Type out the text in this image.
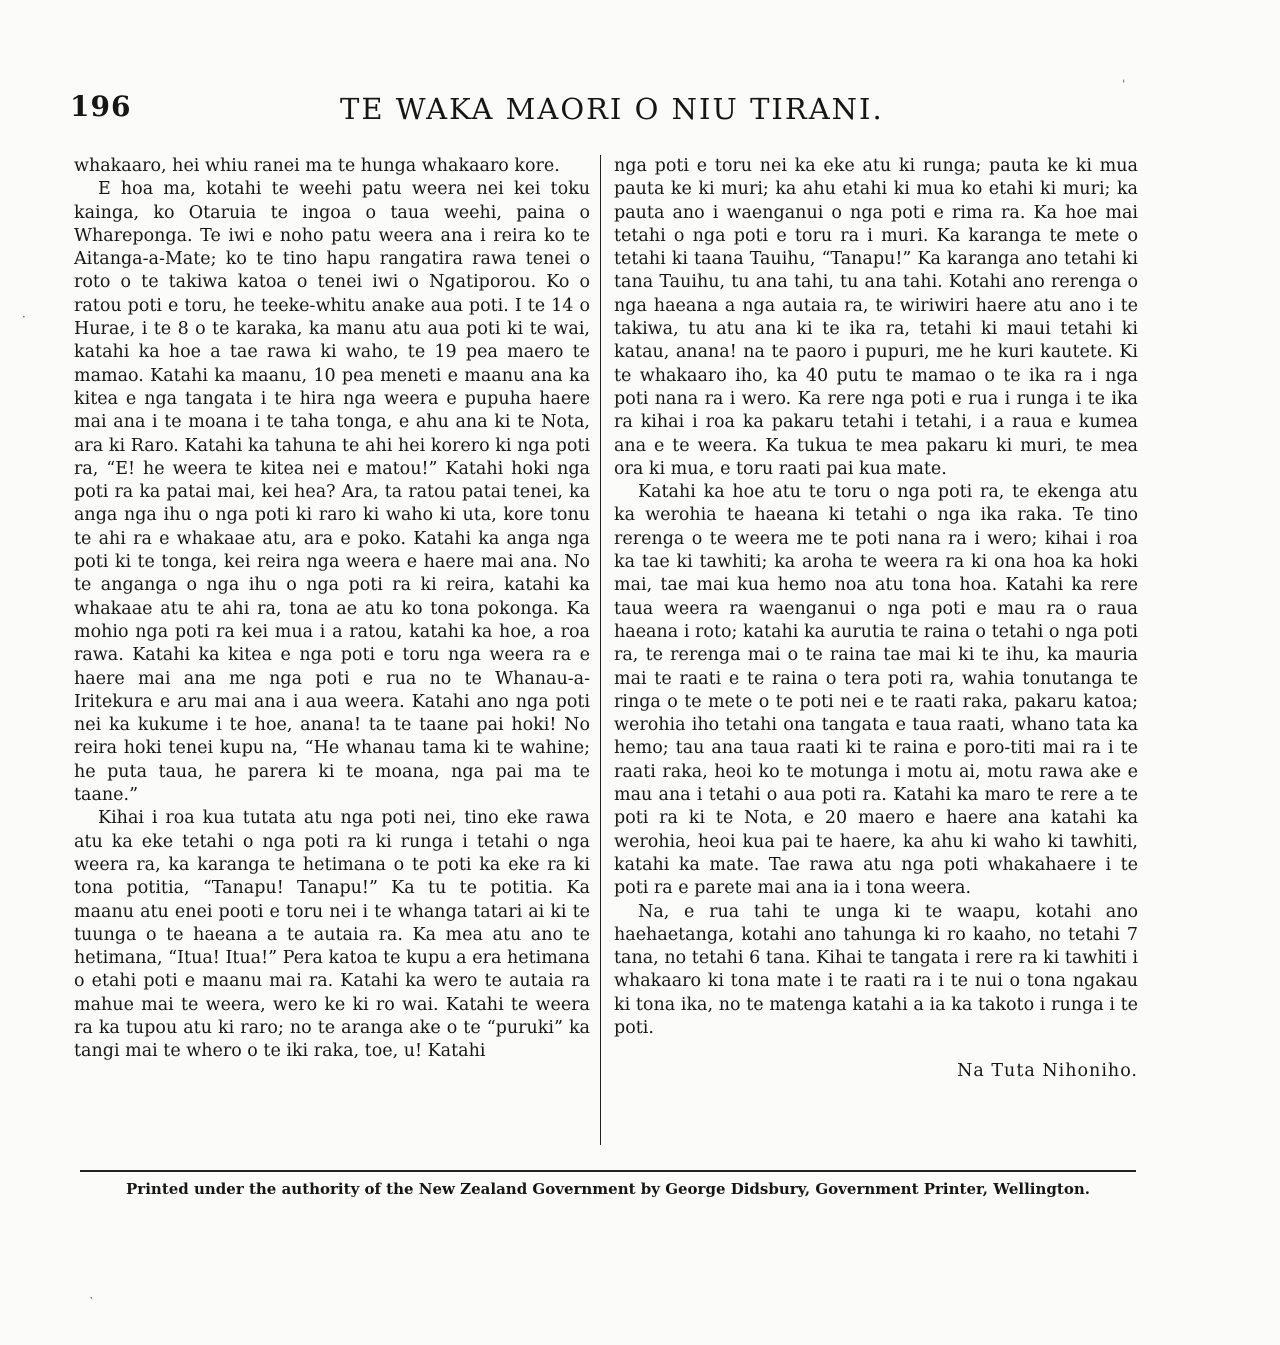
196	TE WAKA MAORI O NIU TIRANI.

whakaaro, hei whiu ranei ma te hunga whakaaro kore.

E hoa ma, kotahi te weehi patu weera nei kei toku kainga, ko Otaruia te ingoa o taua weehi, paina o Whareponga. Te iwi e noho patu weera ana i reira ko te Aitanga-a-Mate; ko te tino hapu rangatira rawa tenei o roto o te takiwa katoa o tenei iwi o Ngatiporou. Ko o ratou poti e toru, he teeke-whitu anake aua poti. I te 14 o Hurae, i te 8 o te karaka, ka manu atu aua poti ki te wai, katahi ka hoe a tae rawa ki waho, te 19 pea maero te mamao. Katahi ka maanu, 10 pea meneti e maanu ana ka kitea e nga tangata i te hira nga weera e pupuha haere mai ana i te moana i te taha tonga, e ahu ana ki te Nota, ara ki Raro. Katahi ka tahuna te ahi hei korero ki nga poti ra, “E! he weera te kitea nei e matou!” Katahi hoki nga poti ra ka patai mai, kei hea? Ara, ta ratou patai tenei, ka anga nga ihu o nga poti ki raro ki waho ki uta, kore tonu te ahi ra e whakaae atu, ara e poko. Katahi ka anga nga poti ki te tonga, kei reira nga weera e haere mai ana. No te anganga o nga ihu o nga poti ra ki reira, katahi ka whakaae atu te ahi ra, tona ae atu ko tona pokonga. Ka mohio nga poti ra kei mua i a ratou, katahi ka hoe, a roa rawa. Katahi ka kitea e nga poti e toru nga weera ra e haere mai ana me nga poti e rua no te Whanau-a-Iritekura e aru mai ana i aua weera. Katahi ano nga poti nei ka kukume i te hoe, anana! ta te taane pai hoki! No reira hoki tenei kupu na, “He whanau tama ki te wahine; he puta taua, he parera ki te moana, nga pai ma te taane.”

Kihai i roa kua tutata atu nga poti nei, tino eke rawa atu ka eke tetahi o nga poti ra ki runga i tetahi o nga weera ra, ka karanga te hetimana o te poti ka eke ra ki tona potitia, “Tanapu! Tanapu!” Ka tu te potitia. Ka maanu atu enei pooti e toru nei i te whanga tatari ai ki te tuunga o te haeana a te autaia ra. Ka mea atu ano te hetimana, “Itua! Itua!” Pera katoa te kupu a era hetimana o etahi poti e maanu mai ra. Katahi ka wero te autaia ra mahue mai te weera, wero ke ki ro wai. Katahi te weera ra ka tupou atu ki raro; no te aranga ake o te “puruki” ka tangi mai te whero o te iki raka, toe, u! Katahi

nga poti e toru nei ka eke atu ki runga; pauta ke ki mua pauta ke ki muri; ka ahu etahi ki mua ko etahi ki muri; ka pauta ano i waenganui o nga poti e rima ra. Ka hoe mai tetahi o nga poti e toru ra i muri. Ka karanga te mete o tetahi ki taana Tauihu, “Tanapu!” Ka karanga ano tetahi ki tana Tauihu, tu ana tahi, tu ana tahi. Kotahi ano rerenga o nga haeana a nga autaia ra, te wiriwiri haere atu ano i te takiwa, tu atu ana ki te ika ra, tetahi ki maui tetahi ki katau, anana! na te paoro i pupuri, me he kuri kautete. Ki te whakaaro iho, ka 40 putu te mamao o te ika ra i nga poti nana ra i wero. Ka rere nga poti e rua i runga i te ika ra kihai i roa ka pakaru tetahi i tetahi, i a raua e kumea ana e te weera. Ka tukua te mea pakaru ki muri, te mea ora ki mua, e toru raati pai kua mate.

Katahi ka hoe atu te toru o nga poti ra, te ekenga atu ka werohia te haeana ki tetahi o nga ika raka. Te tino rerenga o te weera me te poti nana ra i wero; kihai i roa ka tae ki tawhiti; ka aroha te weera ra ki ona hoa ka hoki mai, tae mai kua hemo noa atu tona hoa. Katahi ka rere taua weera ra waenganui o nga poti e mau ra o raua haeana i roto; katahi ka aurutia te raina o tetahi o nga poti ra, te rerenga mai o te raina tae mai ki te ihu, ka mauria mai te raati e te raina o tera poti ra, wahia tonutanga te ringa o te mete o te poti nei e te raati raka, pakaru katoa; werohia iho tetahi ona tangata e taua raati, whano tata ka hemo; tau ana taua raati ki te raina e poro-titi mai ra i te raati raka, heoi ko te motunga i motu ai, motu rawa ake e mau ana i tetahi o aua poti ra. Katahi ka maro te rere a te poti ra ki te Nota, e 20 maero e haere ana katahi ka werohia, heoi kua pai te haere, ka ahu ki waho ki tawhiti, katahi ka mate. Tae rawa atu nga poti whakahaere i te poti ra e parete mai ana ia i tona weera.

Na, e rua tahi te unga ki te waapu, kotahi ano haehaetanga, kotahi ano tahunga ki ro kaaho, no tetahi 7 tana, no tetahi 6 tana. Kihai te tangata i rere ra ki tawhiti i whakaaro ki tona mate i te raati ra i te nui o tona ngakau ki tona ika, no te matenga katahi a ia ka takoto i runga i te poti.

Na Tuta Nihoniho.

Printed under the authority of the New Zealand Government by George Didsbury, Government Printer, Wellington.
ˈ
·
‵
